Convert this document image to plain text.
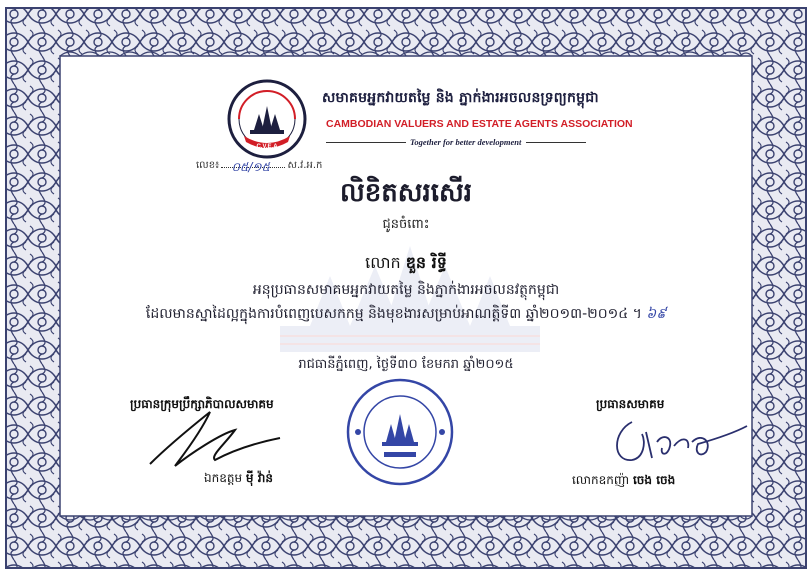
C.V.E.A
សមាគមអ្នកវាយតម្លៃ និង ភ្នាក់ងារអចលនទ្រព្យកម្ពុជា
CAMBODIAN VALUERS AND ESTATE AGENTS ASSOCIATION
Together for better development
លេខ៖ ០៥/១៥ ស.វ.អ.ក
លិខិតសរសើរ
ជូនចំពោះ
លោក ឌួន រិទ្ធី
អនុប្រធានសមាគមអ្នកវាយតម្លៃ និងភ្នាក់ងារអចលនវត្ថុកម្ពុជា
ដែលមានស្នាដៃល្អក្នុងការបំពេញបេសកកម្ម និងមុខងារសម្រាប់អាណត្តិទី៣ ឆ្នាំ២០១៣-២០១៤ ។ ៦៩
រាជធានីភ្នំពេញ, ថ្ងៃទី៣០ ខែមករា ឆ្នាំ២០១៥
ប្រធានក្រុមប្រឹក្សាភិបាលសមាគម	ប្រធានសមាគម
ឯកឧត្តម មុី វ៉ាន់	លោកឧកញ៉ា ចេង ចេង
